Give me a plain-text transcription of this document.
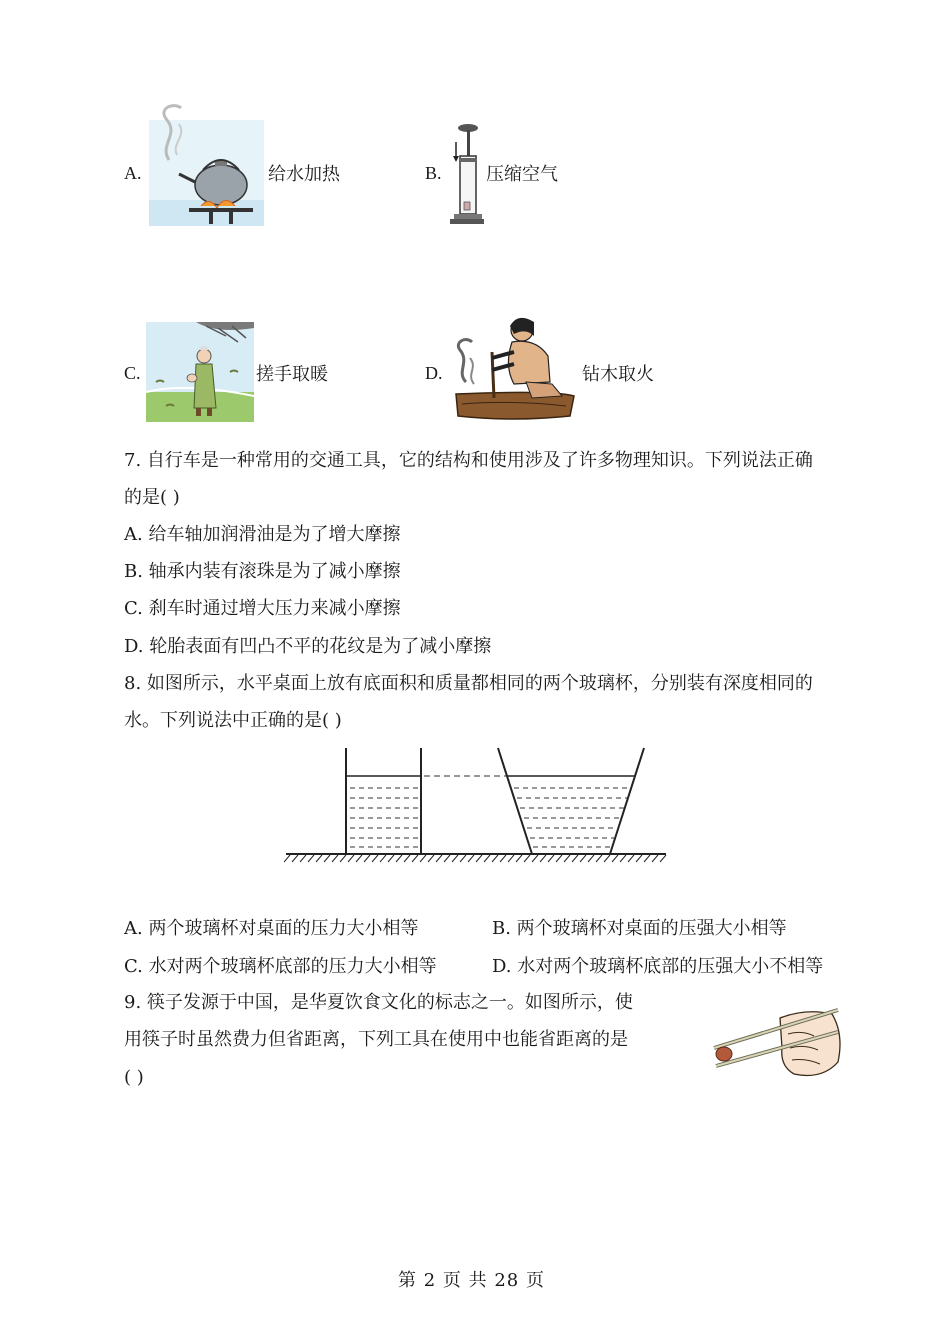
A.	给水加热	B. 压缩空气
C.	搓手取暖	D.	钻木取火
7. 自行车是一种常用的交通工具，它的结构和使用涉及了许多物理知识。下列说法正确
的是( )
A. 给车轴加润滑油是为了增大摩擦
B. 轴承内装有滚珠是为了减小摩擦
C. 刹车时通过增大压力来减小摩擦
D. 轮胎表面有凹凸不平的花纹是为了减小摩擦
8. 如图所示，水平桌面上放有底面积和质量都相同的两个玻璃杯，分别装有深度相同的
水。下列说法中正确的是( )
A. 两个玻璃杯对桌面的压力大小相等	B. 两个玻璃杯对桌面的压强大小相等
C. 水对两个玻璃杯底部的压力大小相等	D. 水对两个玻璃杯底部的压强大小不相等
9. 筷子发源于中国，是华夏饮食文化的标志之一。如图所示，使
用筷子时虽然费力但省距离，下列工具在使用中也能省距离的是
( )
第 2 页 共 28 页
